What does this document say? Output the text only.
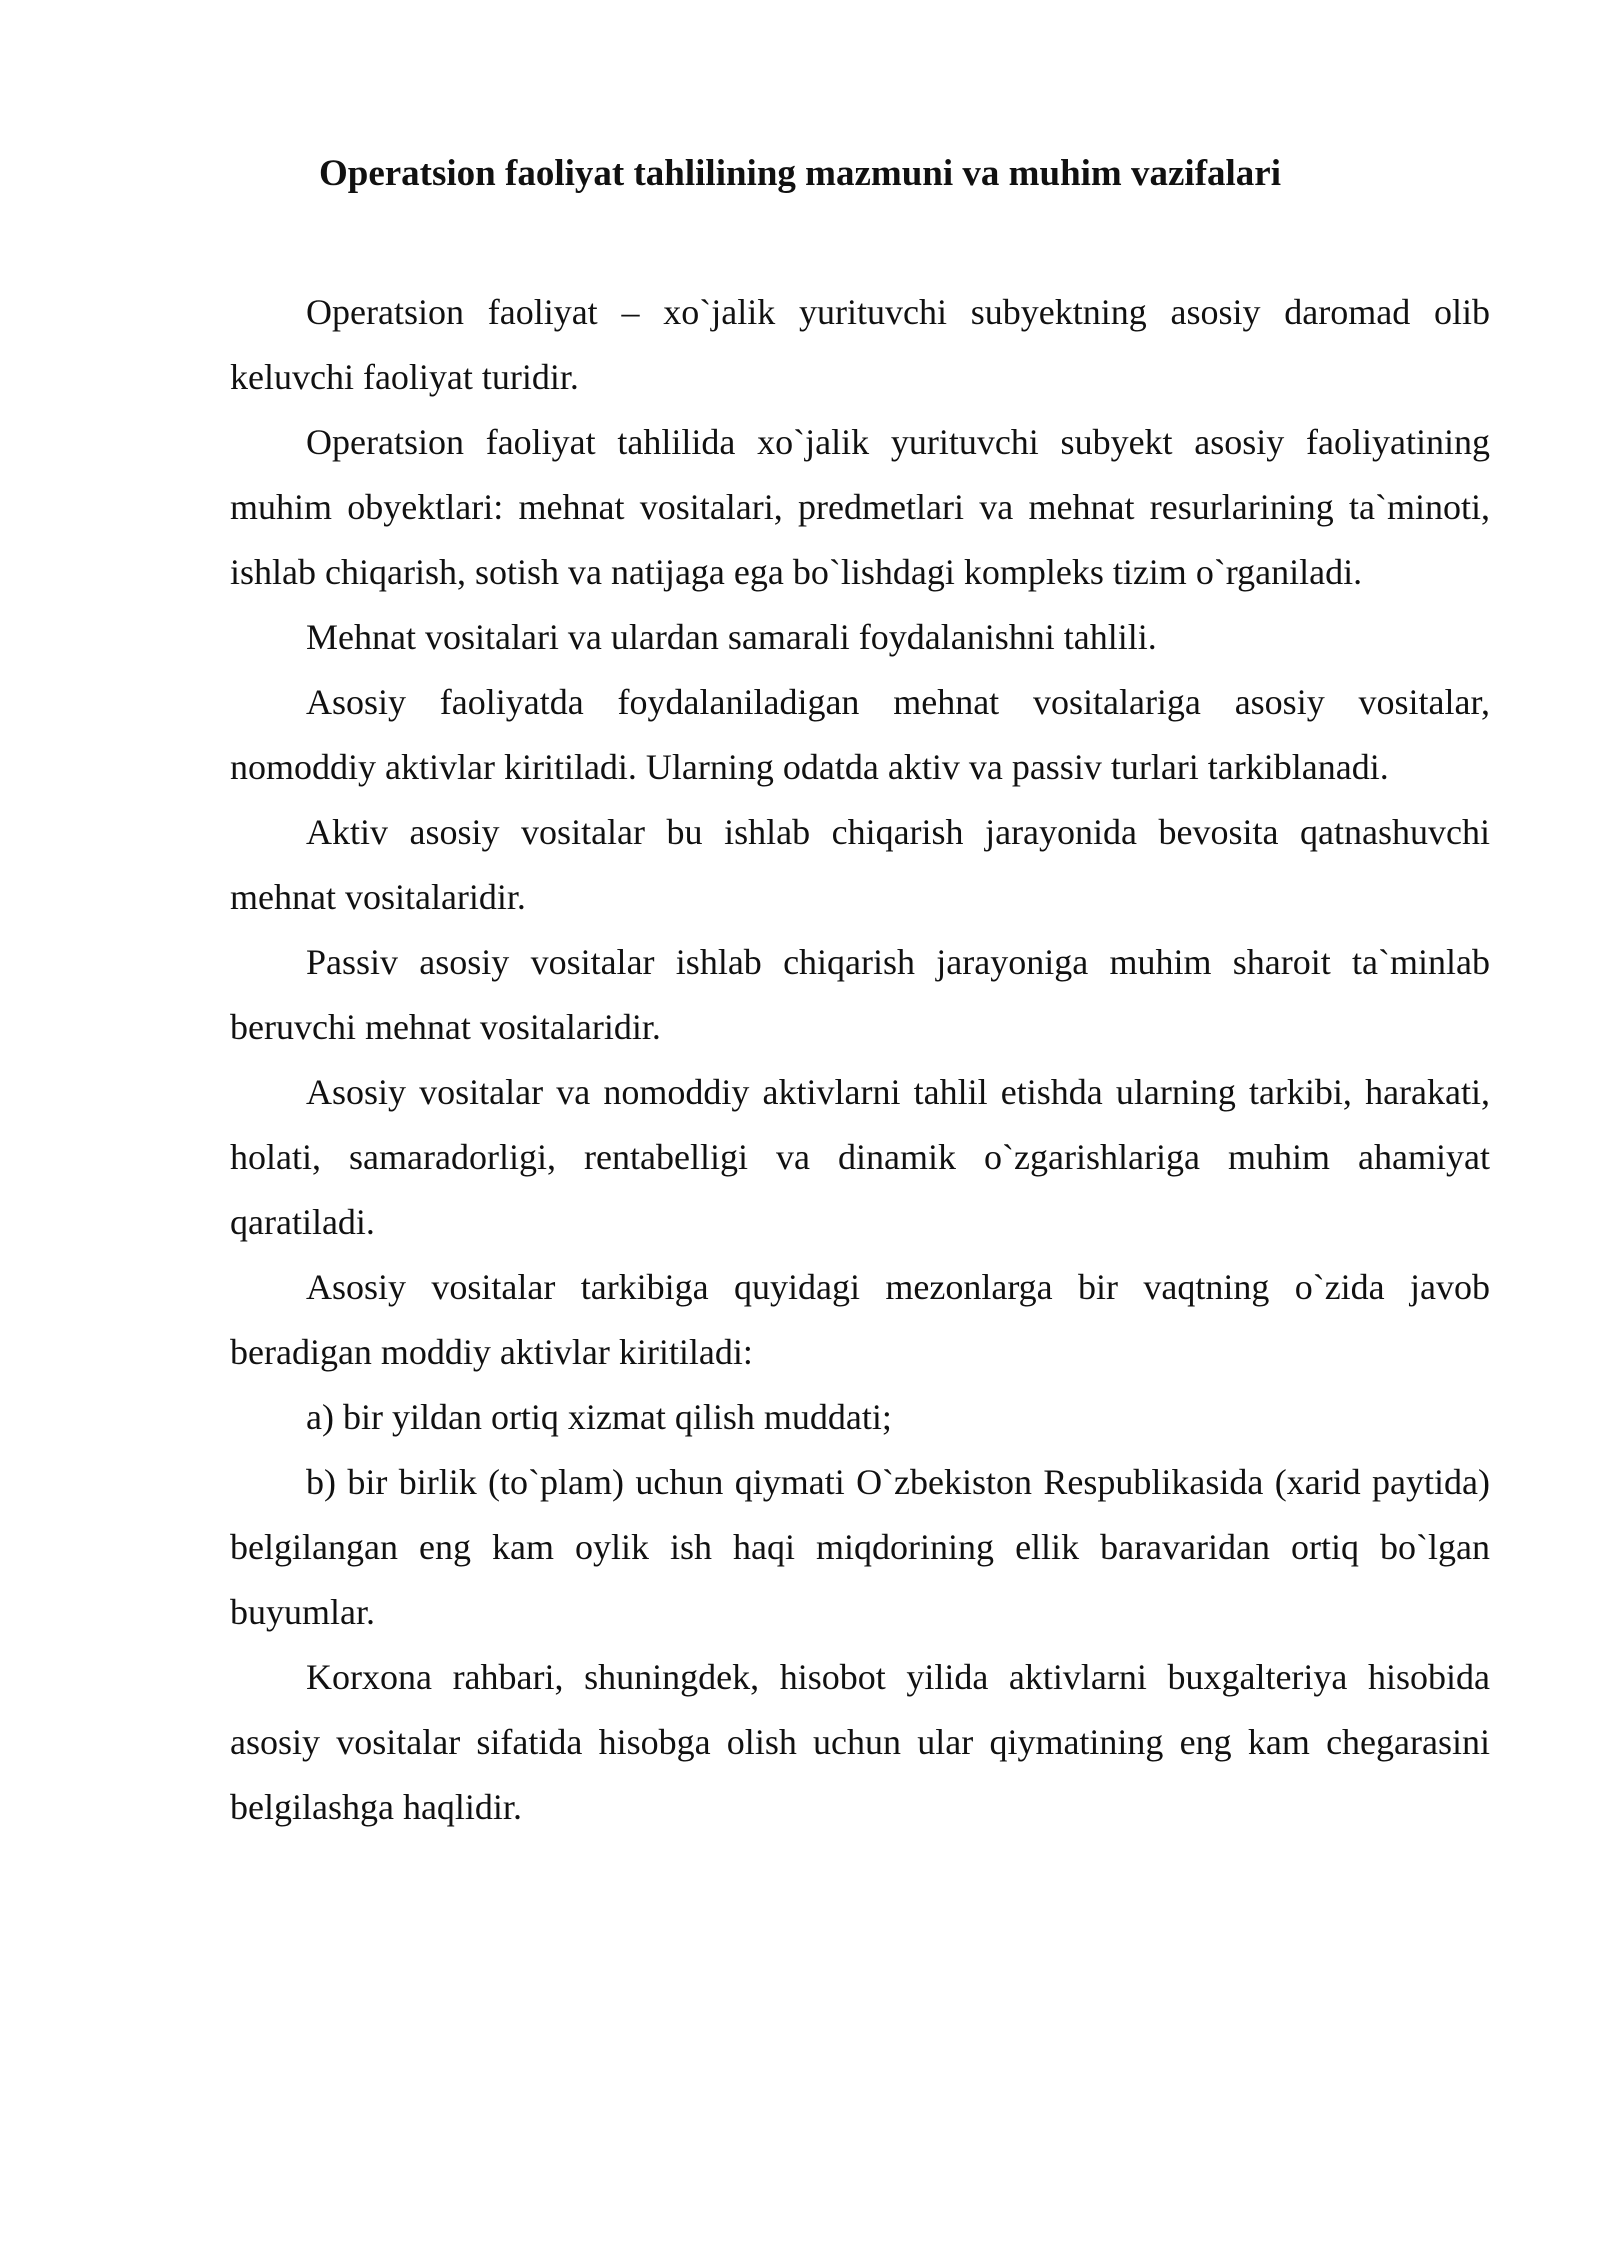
Operatsion faoliyat tahlilining mazmuni va muhim vazifalari

Operatsion faoliyat – xo`jalik yurituvchi subyektning asosiy daromad olib keluvchi faoliyat turidir.

Operatsion faoliyat tahlilida xo`jalik yurituvchi subyekt asosiy faoliyatining muhim obyektlari: mehnat vositalari, predmetlari va mehnat resurlarining ta`minoti, ishlab chiqarish, sotish va natijaga ega bo`lishdagi kompleks tizim o`rganiladi.

Mehnat vositalari va ulardan samarali foydalanishni tahlili.

Asosiy faoliyatda foydalaniladigan mehnat vositalariga asosiy vositalar, nomoddiy aktivlar kiritiladi. Ularning odatda aktiv va passiv turlari tarkiblanadi.

Aktiv asosiy vositalar bu ishlab chiqarish jarayonida bevosita qatnashuvchi mehnat vositalaridir.

Passiv asosiy vositalar ishlab chiqarish jarayoniga muhim sharoit ta`minlab beruvchi mehnat vositalaridir.

Asosiy vositalar va nomoddiy aktivlarni tahlil etishda ularning tarkibi, harakati, holati, samaradorligi, rentabelligi va dinamik o`zgarishlariga muhim ahamiyat qaratiladi.

Asosiy vositalar tarkibiga quyidagi mezonlarga bir vaqtning o`zida javob beradigan moddiy aktivlar kiritiladi:

a) bir yildan ortiq xizmat qilish muddati;

b) bir birlik (to`plam) uchun qiymati O`zbekiston Respublikasida (xarid paytida) belgilangan eng kam oylik ish haqi miqdorining ellik baravaridan ortiq bo`lgan buyumlar.

Korxona rahbari, shuningdek, hisobot yilida aktivlarni buxgalteriya hisobida asosiy vositalar sifatida hisobga olish uchun ular qiymatining eng kam chegarasini belgilashga haqlidir.
